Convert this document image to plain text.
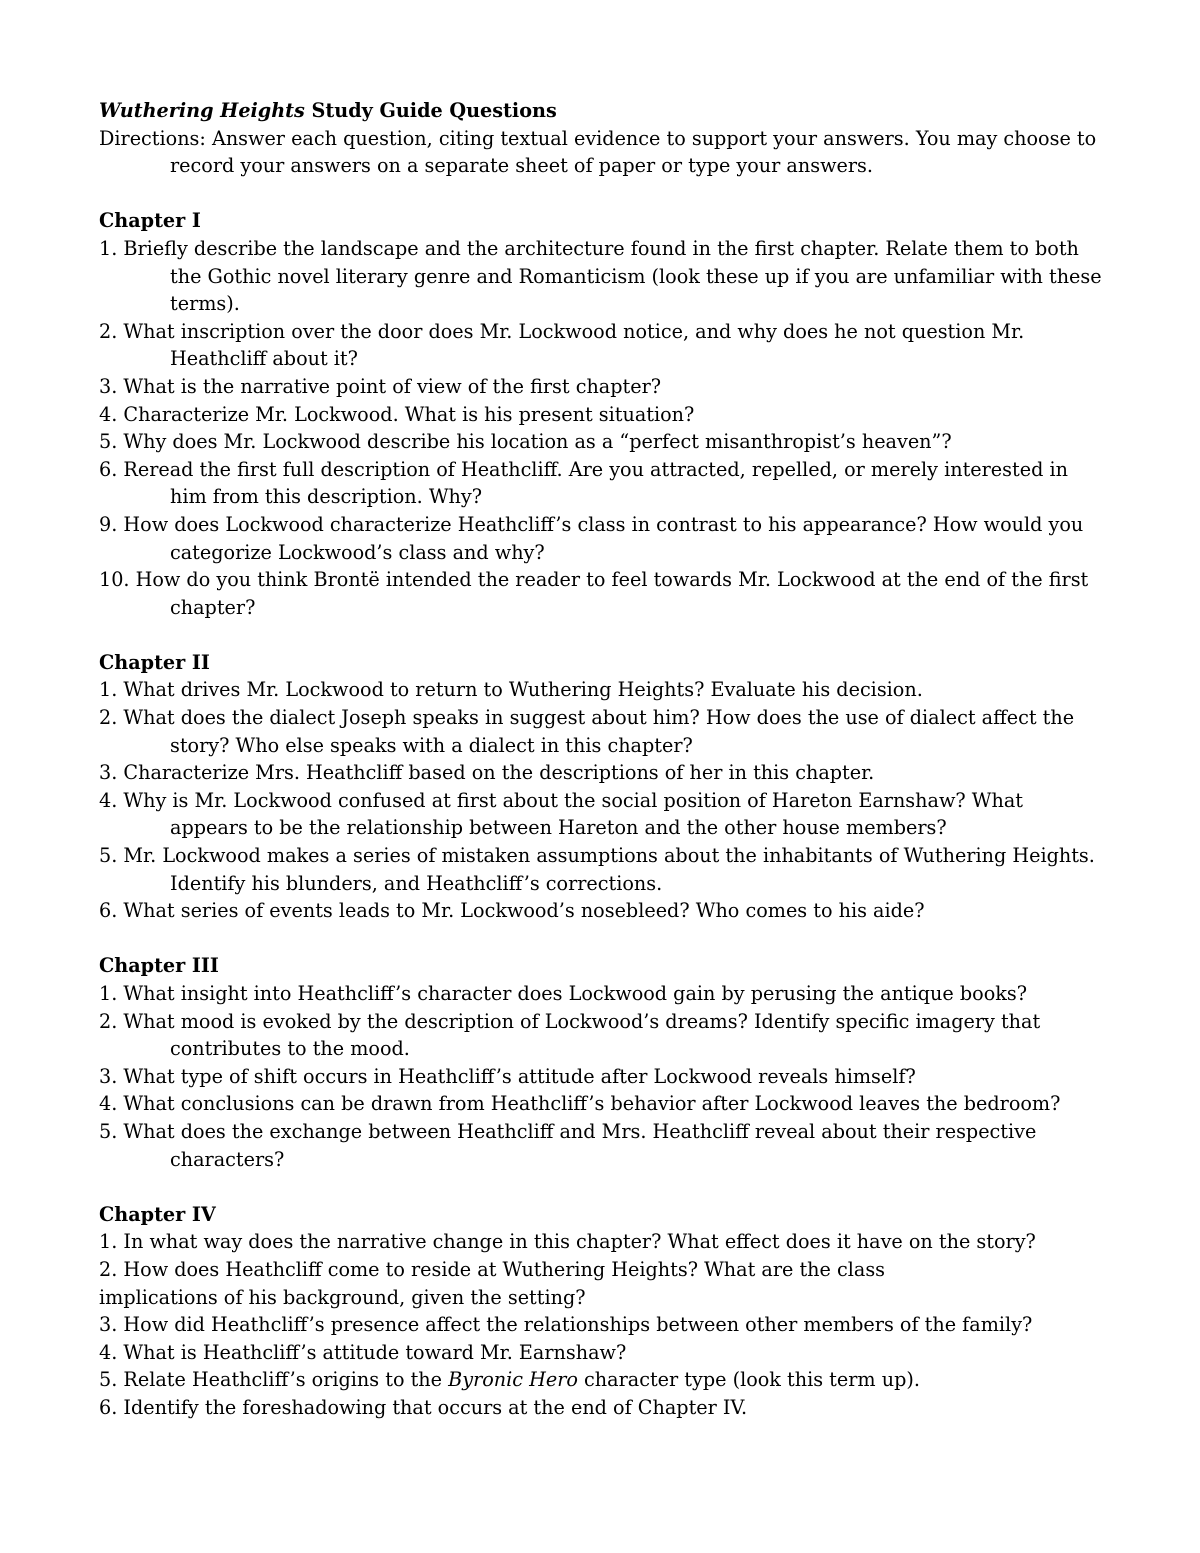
Wuthering Heights Study Guide Questions

Directions: Answer each question, citing textual evidence to support your answers. You may choose to record your answers on a separate sheet of paper or type your answers.

Chapter I

1. Briefly describe the landscape and the architecture found in the first chapter. Relate them to both the Gothic novel literary genre and Romanticism (look these up if you are unfamiliar with these terms).

2. What inscription over the door does Mr. Lockwood notice, and why does he not question Mr. Heathcliff about it?

3. What is the narrative point of view of the first chapter?

4. Characterize Mr. Lockwood. What is his present situation?

5. Why does Mr. Lockwood describe his location as a “perfect misanthropist’s heaven”?

6. Reread the first full description of Heathcliff. Are you attracted, repelled, or merely interested in him from this description. Why?

9. How does Lockwood characterize Heathcliff’s class in contrast to his appearance? How would you categorize Lockwood’s class and why?

10. How do you think Brontë intended the reader to feel towards Mr. Lockwood at the end of the first chapter?

Chapter II

1. What drives Mr. Lockwood to return to Wuthering Heights? Evaluate his decision.

2. What does the dialect Joseph speaks in suggest about him? How does the use of dialect affect the story? Who else speaks with a dialect in this chapter?

3. Characterize Mrs. Heathcliff based on the descriptions of her in this chapter.

4. Why is Mr. Lockwood confused at first about the social position of Hareton Earnshaw? What appears to be the relationship between Hareton and the other house members?

5. Mr. Lockwood makes a series of mistaken assumptions about the inhabitants of Wuthering Heights. Identify his blunders, and Heathcliff’s corrections.

6. What series of events leads to Mr. Lockwood’s nosebleed? Who comes to his aide?

Chapter III

1. What insight into Heathcliff’s character does Lockwood gain by perusing the antique books?

2. What mood is evoked by the description of Lockwood’s dreams? Identify specific imagery that contributes to the mood.

3. What type of shift occurs in Heathcliff’s attitude after Lockwood reveals himself?

4. What conclusions can be drawn from Heathcliff’s behavior after Lockwood leaves the bedroom?

5. What does the exchange between Heathcliff and Mrs. Heathcliff reveal about their respective characters?

Chapter IV

1. In what way does the narrative change in this chapter? What effect does it have on the story?

2. How does Heathcliff come to reside at Wuthering Heights? What are the class

implications of his background, given the setting?

3. How did Heathcliff’s presence affect the relationships between other members of the family?

4. What is Heathcliff’s attitude toward Mr. Earnshaw?

5. Relate Heathcliff’s origins to the Byronic Hero character type (look this term up).

6. Identify the foreshadowing that occurs at the end of Chapter IV.
